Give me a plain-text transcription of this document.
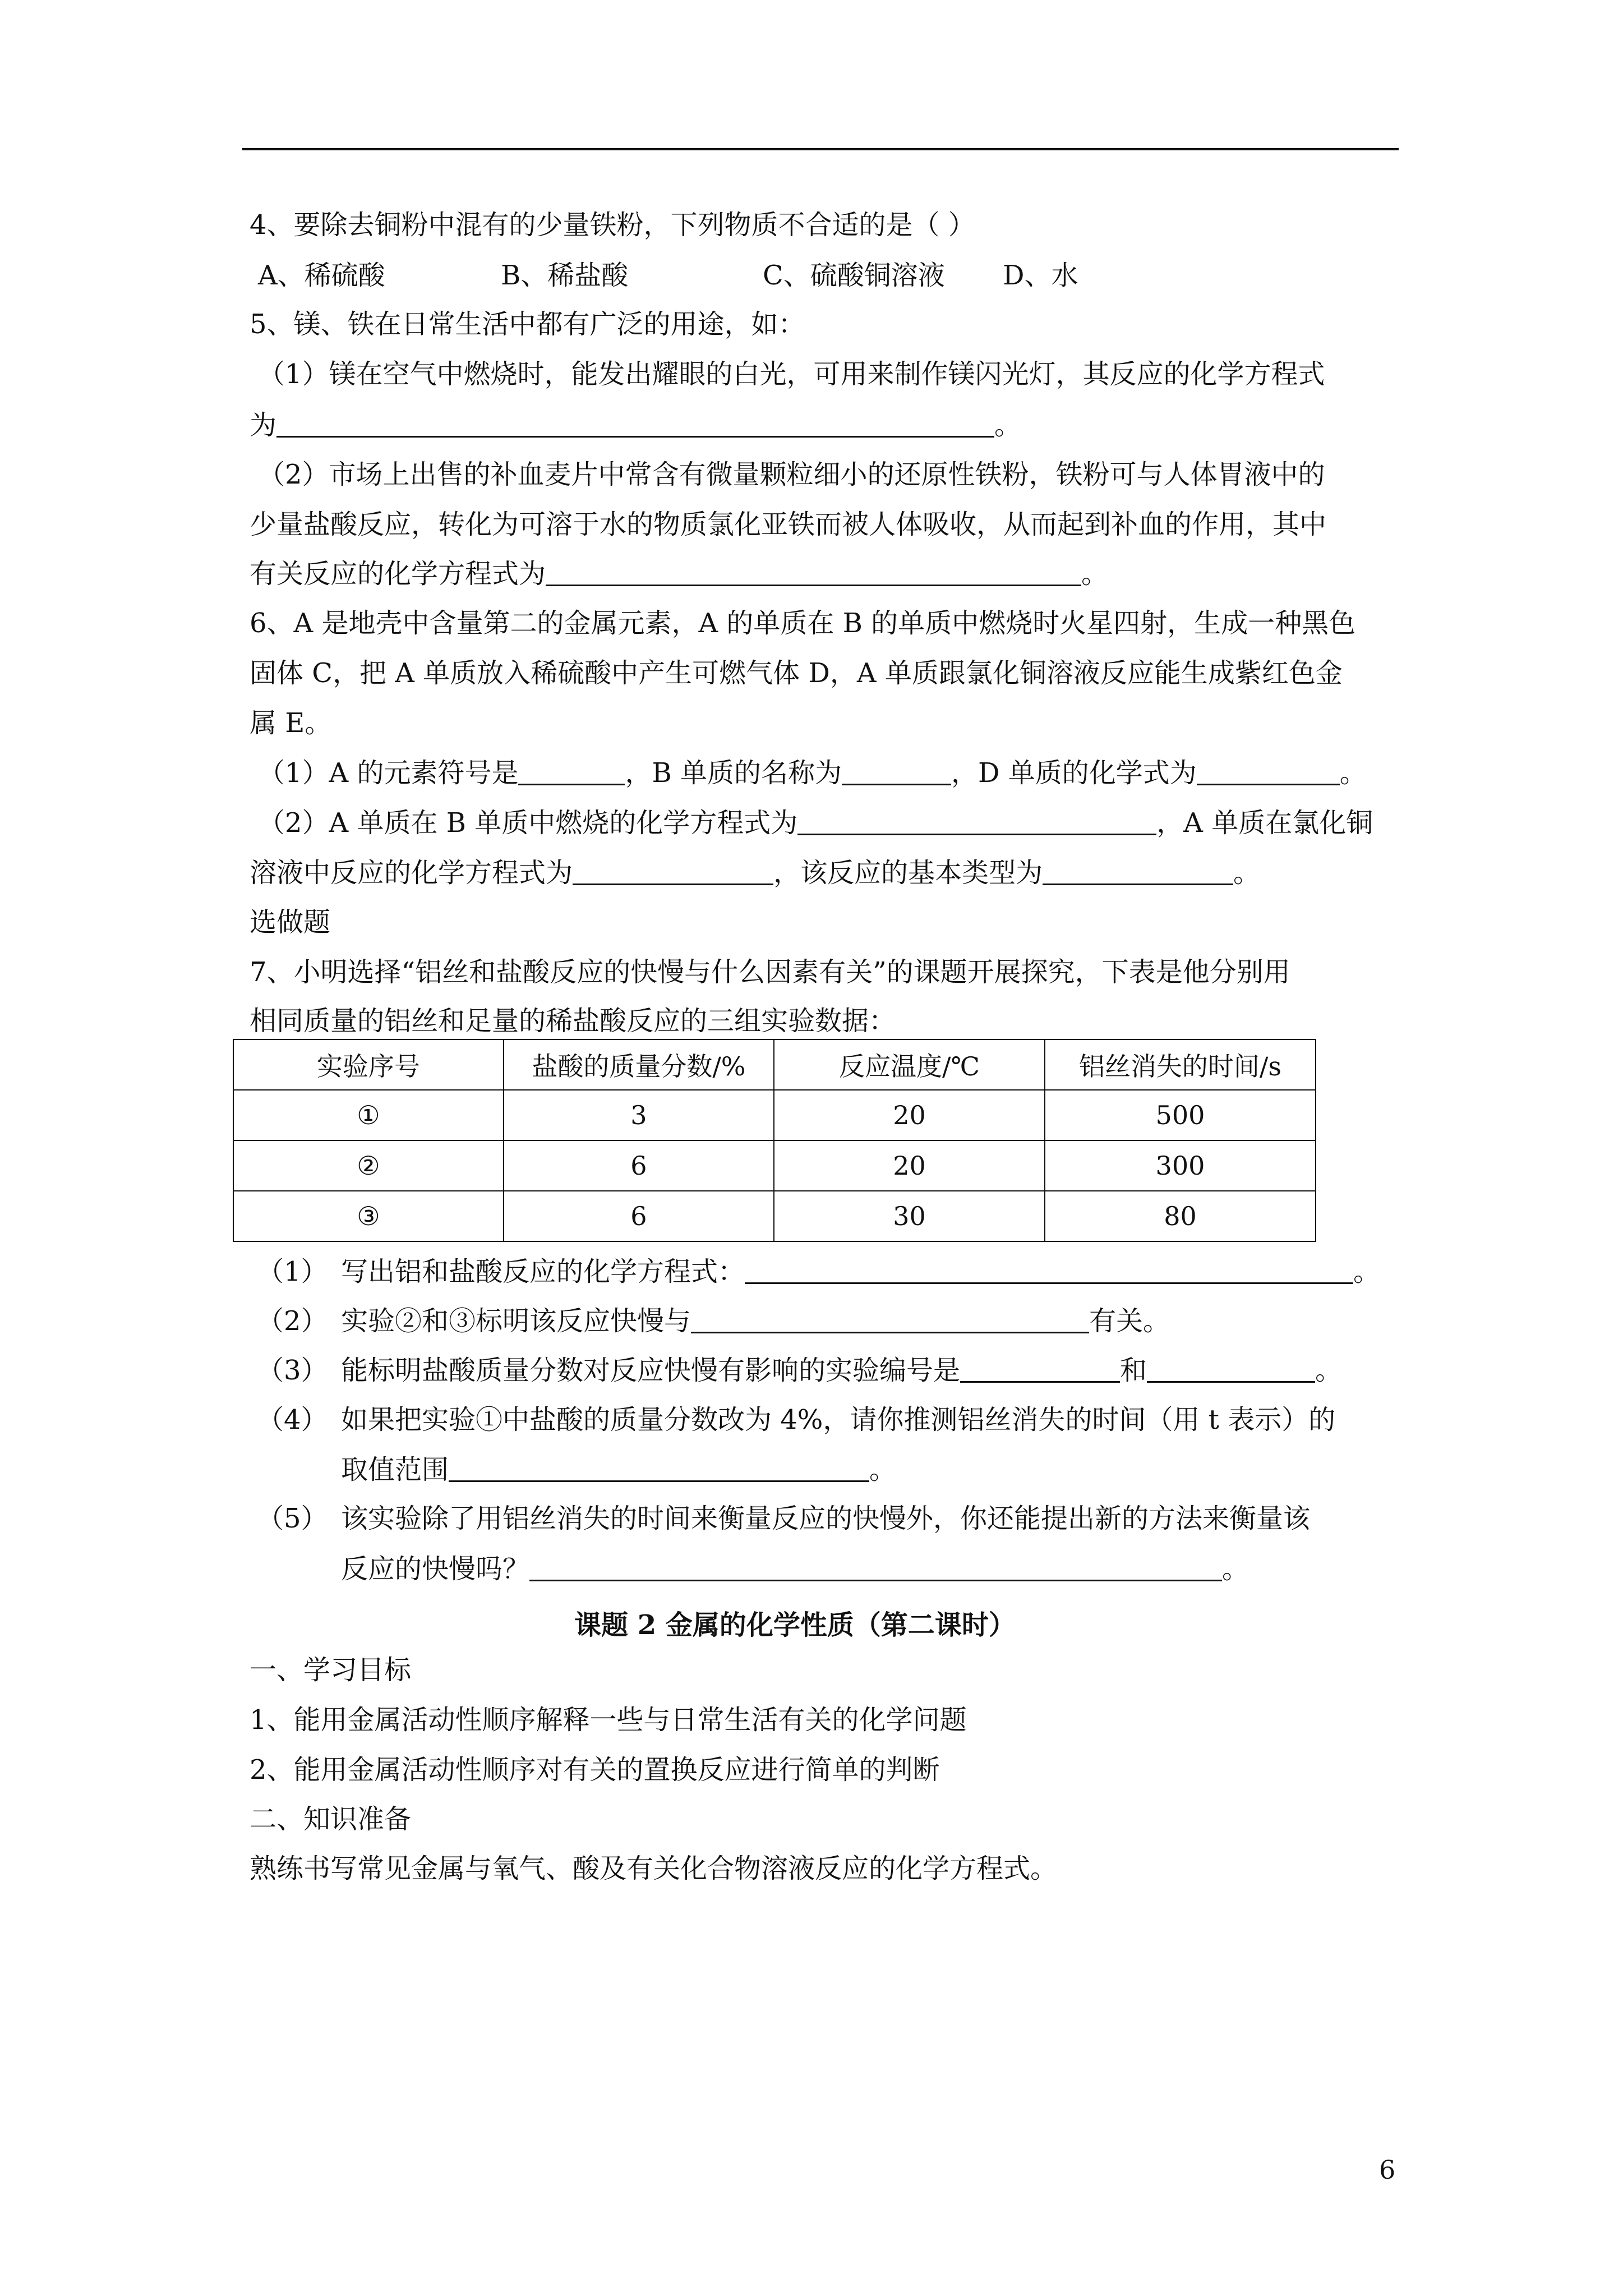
4、要除去铜粉中混有的少量铁粉，下列物质不合适的是（ ）
A、稀硫酸	B、稀盐酸	C、硫酸铜溶液 D、水
5、镁、铁在日常生活中都有广泛的用途，如：
（1）镁在空气中燃烧时，能发出耀眼的白光，可用来制作镁闪光灯，其反应的化学方程式
为	。
（2）市场上出售的补血麦片中常含有微量颗粒细小的还原性铁粉，铁粉可与人体胃液中的
少量盐酸反应，转化为可溶于水的物质氯化亚铁而被人体吸收，从而起到补血的作用，其中
有关反应的化学方程式为	。
6、A 是地壳中含量第二的金属元素，A 的单质在 B 的单质中燃烧时火星四射，生成一种黑色
固体 C，把 A 单质放入稀硫酸中产生可燃气体 D，A 单质跟氯化铜溶液反应能生成紫红色金
属 E。
（1）A 的元素符号是	，B 单质的名称为	，D 单质的化学式为	。
（2）A 单质在 B 单质中燃烧的化学方程式为	，A 单质在氯化铜
溶液中反应的化学方程式为	，该反应的基本类型为	。
选做题
7、小明选择“铝丝和盐酸反应的快慢与什么因素有关”的课题开展探究，下表是他分别用
相同质量的铝丝和足量的稀盐酸反应的三组实验数据：
实验序号	盐酸的质量分数/%	反应温度/℃	铝丝消失的时间/s
①	3	20	500
②	6	20	300
③	6	30	80
（1） 写出铝和盐酸反应的化学方程式：	。
（2） 实验②和③标明该反应快慢与	有关。
（3） 能标明盐酸质量分数对反应快慢有影响的实验编号是	和	。
（4） 如果把实验①中盐酸的质量分数改为 4%，请你推测铝丝消失的时间（用 t 表示）的
取值范围	。
（5） 该实验除了用铝丝消失的时间来衡量反应的快慢外，你还能提出新的方法来衡量该
反应的快慢吗？	。
课题 2 金属的化学性质（第二课时）
一、学习目标
1、能用金属活动性顺序解释一些与日常生活有关的化学问题
2、能用金属活动性顺序对有关的置换反应进行简单的判断
二、知识准备
熟练书写常见金属与氧气、酸及有关化合物溶液反应的化学方程式。
6
